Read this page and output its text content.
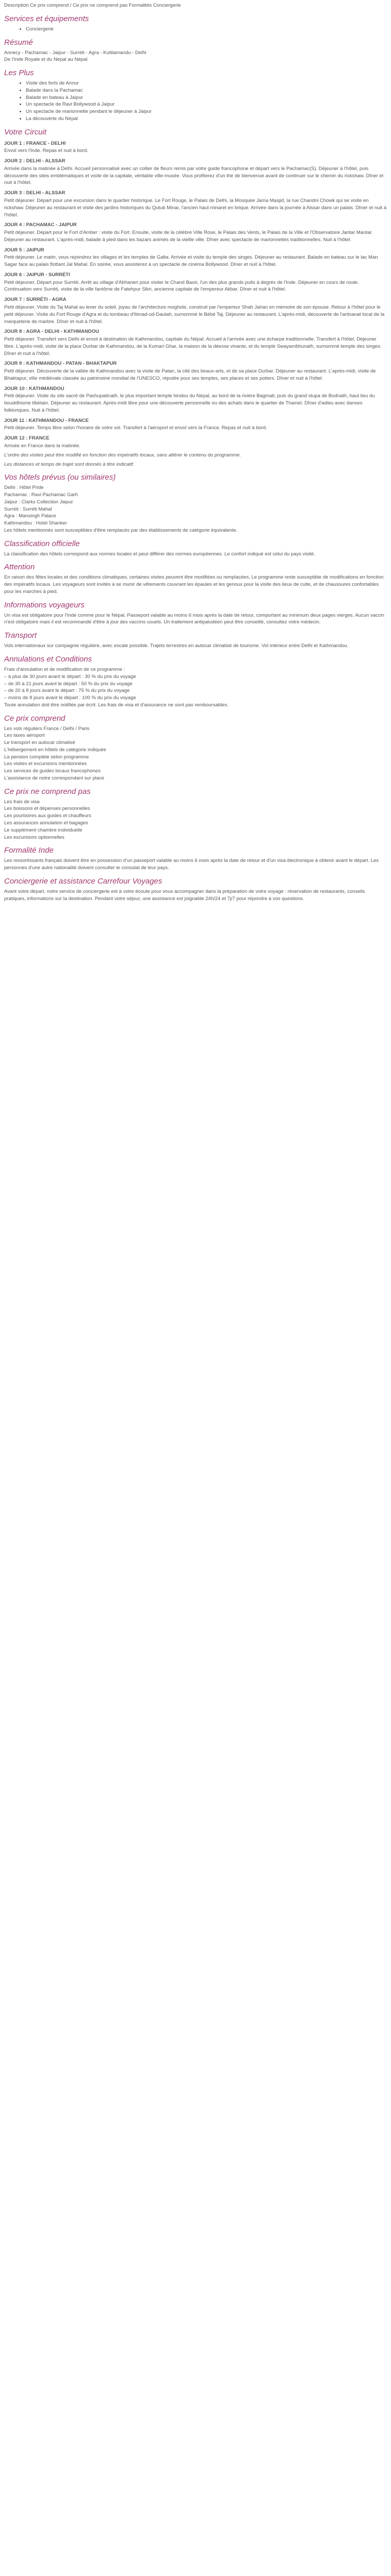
Description Ce prix comprend / Ce prix ne comprend pas Formalités Conciergerie

Services et équipements
• Conciergerie
Résumé

Annecy - Pachamac - Jaipur - Surréti - Agra - Kuttlamandu - Delhi

De l'Inde Royale et du Népal au Népal

Les Plus
• Visite des forts de Annur
• Balade dans la Pachamac
• Balade en bateau à Jaipur
• Un spectacle de Ravi Bollywood à Jaipur
• Un spectacle de marionnette pendant le déjeuner à Jaipur
• La découverte du Népal
Votre Circuit

JOUR 1 : FRANCE - DELHI

Envol vers l'Inde. Repas et nuit à bord.

JOUR 2 : DELHI - ALSSAR

Arrivée dans la matinée à Delhi. Accueil personnalisé avec un collier de fleurs remis par votre guide francophone et départ vers le Pachamac(S). Déjeuner à l'hôtel, puis découverte des sites emblématiques et visite de la capitale, véritable ville-musée. Vous profiterez d'un thé de bienvenue avant de continuer sur le chemin du rickshaw. Dîner et nuit à l'hôtel.

JOUR 3 : DELHI - ALSSAR

Petit déjeuner. Départ pour une excursion dans le quartier historique. Le Fort Rouge, le Palais de Delhi, la Mosquée Jama Masjid, la rue Chandni Chowk qui se visite en rickshaw. Déjeuner au restaurant et visite des jardins historiques du Qutub Minar, l'ancien haut minaret en brique. Arrivée dans la journée à Alssar dans un palais. Dîner et nuit à l'hôtel.

JOUR 4 : PACHAMAC - JAIPUR

Petit déjeuner. Départ pour le Fort d'Amber : visite du Fort. Ensuite, visite de la célèbre Ville Rose, le Palais des Vents, le Palais de la Ville et l'Observatoire Jantar Mantar. Déjeuner au restaurant. L'après-midi, balade à pied dans les bazars animés de la vieille ville. Dîner avec spectacle de marionnettes traditionnelles. Nuit à l'hôtel.

JOUR 5 : JAIPUR

Petit déjeuner. Le matin, vous rejoindrez les villages et les temples de Galta. Arrivée et visite du temple des singes. Déjeuner au restaurant. Balade en bateau sur le lac Man Sagar face au palais flottant Jal Mahal. En soirée, vous assisterez à un spectacle de cinéma Bollywood. Dîner et nuit à l'hôtel.

JOUR 6 : JAIPUR - SURRÉTI

Petit déjeuner. Départ pour Surréti. Arrêt au village d'Abhaneri pour visiter le Chand Baori, l'un des plus grands puits à degrés de l'Inde. Déjeuner en cours de route. Continuation vers Surréti, visite de la ville fantôme de Fatehpur Sikri, ancienne capitale de l'empereur Akbar. Dîner et nuit à l'hôtel.

JOUR 7 : SURRÉTI - AGRA

Petit déjeuner. Visite du Taj Mahal au lever du soleil, joyau de l'architecture moghole, construit par l'empereur Shah Jahan en mémoire de son épouse. Retour à l'hôtel pour le petit déjeuner. Visite du Fort Rouge d'Agra et du tombeau d'Itimad-ud-Daulah, surnommé le Bébé Taj. Déjeuner au restaurant. L'après-midi, découverte de l'artisanat local de la marqueterie de marbre. Dîner et nuit à l'hôtel.

JOUR 8 : AGRA - DELHI - KATHMANDOU

Petit déjeuner. Transfert vers Delhi et envol à destination de Kathmandou, capitale du Népal. Accueil à l'arrivée avec une écharpe traditionnelle. Transfert à l'hôtel. Déjeuner libre. L'après-midi, visite de la place Durbar de Kathmandou, de la Kumari Ghar, la maison de la déesse vivante, et du temple Swayambhunath, surnommé temple des singes. Dîner et nuit à l'hôtel.

JOUR 9 : KATHMANDOU - PATAN - BHAKTAPUR

Petit déjeuner. Découverte de la vallée de Kathmandou avec la visite de Patan, la cité des beaux-arts, et de sa place Durbar. Déjeuner au restaurant. L'après-midi, visite de Bhaktapur, ville médiévale classée au patrimoine mondial de l'UNESCO, réputée pour ses temples, ses places et ses potiers. Dîner et nuit à l'hôtel.

JOUR 10 : KATHMANDOU

Petit déjeuner. Visite du site sacré de Pashupatinath, le plus important temple hindou du Népal, au bord de la rivière Bagmati, puis du grand stupa de Bodnath, haut lieu du bouddhisme tibétain. Déjeuner au restaurant. Après-midi libre pour une découverte personnelle ou des achats dans le quartier de Thamel. Dîner d'adieu avec danses folkloriques. Nuit à l'hôtel.

JOUR 11 : KATHMANDOU - FRANCE

Petit déjeuner. Temps libre selon l'horaire de votre vol. Transfert à l'aéroport et envol vers la France. Repas et nuit à bord.

JOUR 12 : FRANCE

Arrivée en France dans la matinée.

L'ordre des visites peut être modifié en fonction des impératifs locaux, sans altérer le contenu du programme.

Les distances et temps de trajet sont donnés à titre indicatif.

Vos hôtels prévus (ou similaires)

Delhi : Hôtel Pride

Pachamac : Ravi Pachamac Garh

Jaipur : Clarks Collection Jaipur

Surréti : Surréti Mahal

Agra : Mansingh Palace

Kathmandou : Hotel Shanker

Les hôtels mentionnés sont susceptibles d'être remplacés par des établissements de catégorie équivalente.

Classification officielle

La classification des hôtels correspond aux normes locales et peut différer des normes européennes. Le confort indiqué est celui du pays visité.

Attention

En raison des fêtes locales et des conditions climatiques, certaines visites peuvent être modifiées ou remplacées. Le programme reste susceptible de modifications en fonction des impératifs locaux. Les voyageurs sont invités à se munir de vêtements couvrant les épaules et les genoux pour la visite des lieux de culte, et de chaussures confortables pour les marches à pied.

Informations voyageurs

Un visa est obligatoire pour l'Inde comme pour le Népal. Passeport valable au moins 6 mois après la date de retour, comportant au minimum deux pages vierges. Aucun vaccin n'est obligatoire mais il est recommandé d'être à jour des vaccins usuels. Un traitement antipaludéen peut être conseillé, consultez votre médecin.

Transport

Vols internationaux sur compagnie régulière, avec escale possible. Trajets terrestres en autocar climatisé de tourisme. Vol intérieur entre Delhi et Kathmandou.

Annulations et Conditions

Frais d'annulation et de modification de ce programme :

– à plus de 30 jours avant le départ : 30 % du prix du voyage

– de 30 à 21 jours avant le départ : 50 % du prix du voyage

– de 20 à 8 jours avant le départ : 75 % du prix du voyage

– moins de 8 jours avant le départ : 100 % du prix du voyage

Toute annulation doit être notifiée par écrit. Les frais de visa et d'assurance ne sont pas remboursables.

Ce prix comprend

Les vols réguliers France / Delhi / Paris

Les taxes aéroport

Le transport en autocar climatisé

L'hébergement en hôtels de catégorie indiquée

La pension complète selon programme

Les visites et excursions mentionnées

Les services de guides locaux francophones

L'assistance de notre correspondant sur place

Ce prix ne comprend pas

Les frais de visa

Les boissons et dépenses personnelles

Les pourboires aux guides et chauffeurs

Les assurances annulation et bagages

Le supplément chambre individuelle

Les excursions optionnelles

Formalité Inde

Les ressortissants français doivent être en possession d'un passeport valable au moins 6 mois après la date de retour et d'un visa électronique à obtenir avant le départ. Les personnes d'une autre nationalité doivent consulter le consulat de leur pays.

Conciergerie et assistance Carrefour Voyages

Avant votre départ, notre service de conciergerie est à votre écoute pour vous accompagner dans la préparation de votre voyage : réservation de restaurants, conseils pratiques, informations sur la destination. Pendant votre séjour, une assistance est joignable 24h/24 et 7j/7 pour répondre à vos questions.
